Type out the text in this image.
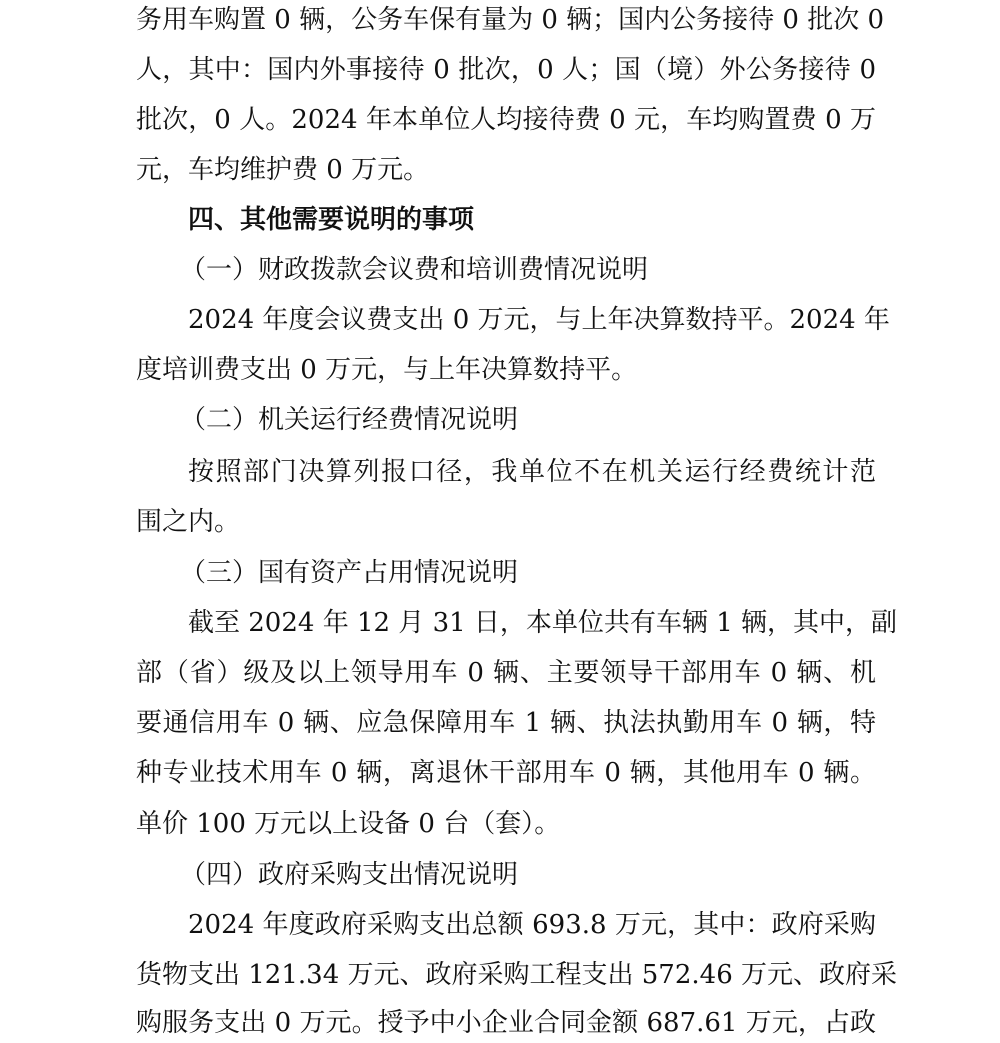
务用车购置 0 辆，公务车保有量为 0 辆；国内公务接待 0 批次 0
人，其中：国内外事接待 0 批次，0 人；国（境）外公务接待 0
批次，0 人。2024 年本单位人均接待费 0 元，车均购置费 0 万
元，车均维护费 0 万元。
四、其他需要说明的事项
（一）财政拨款会议费和培训费情况说明
2024 年度会议费支出 0 万元，与上年决算数持平。2024 年
度培训费支出 0 万元，与上年决算数持平。
（二）机关运行经费情况说明
按照部门决算列报口径，我单位不在机关运行经费统计范
围之内。
（三）国有资产占用情况说明
截至 2024 年 12 月 31 日，本单位共有车辆 1 辆，其中，副
部（省）级及以上领导用车 0 辆、主要领导干部用车 0 辆、机
要通信用车 0 辆、应急保障用车 1 辆、执法执勤用车 0 辆，特
种专业技术用车 0 辆，离退休干部用车 0 辆，其他用车 0 辆。
单价 100 万元以上设备 0 台（套）。
（四）政府采购支出情况说明
2024 年度政府采购支出总额 693.8 万元，其中：政府采购
货物支出 121.34 万元、政府采购工程支出 572.46 万元、政府采
购服务支出 0 万元。授予中小企业合同金额 687.61 万元，占政
